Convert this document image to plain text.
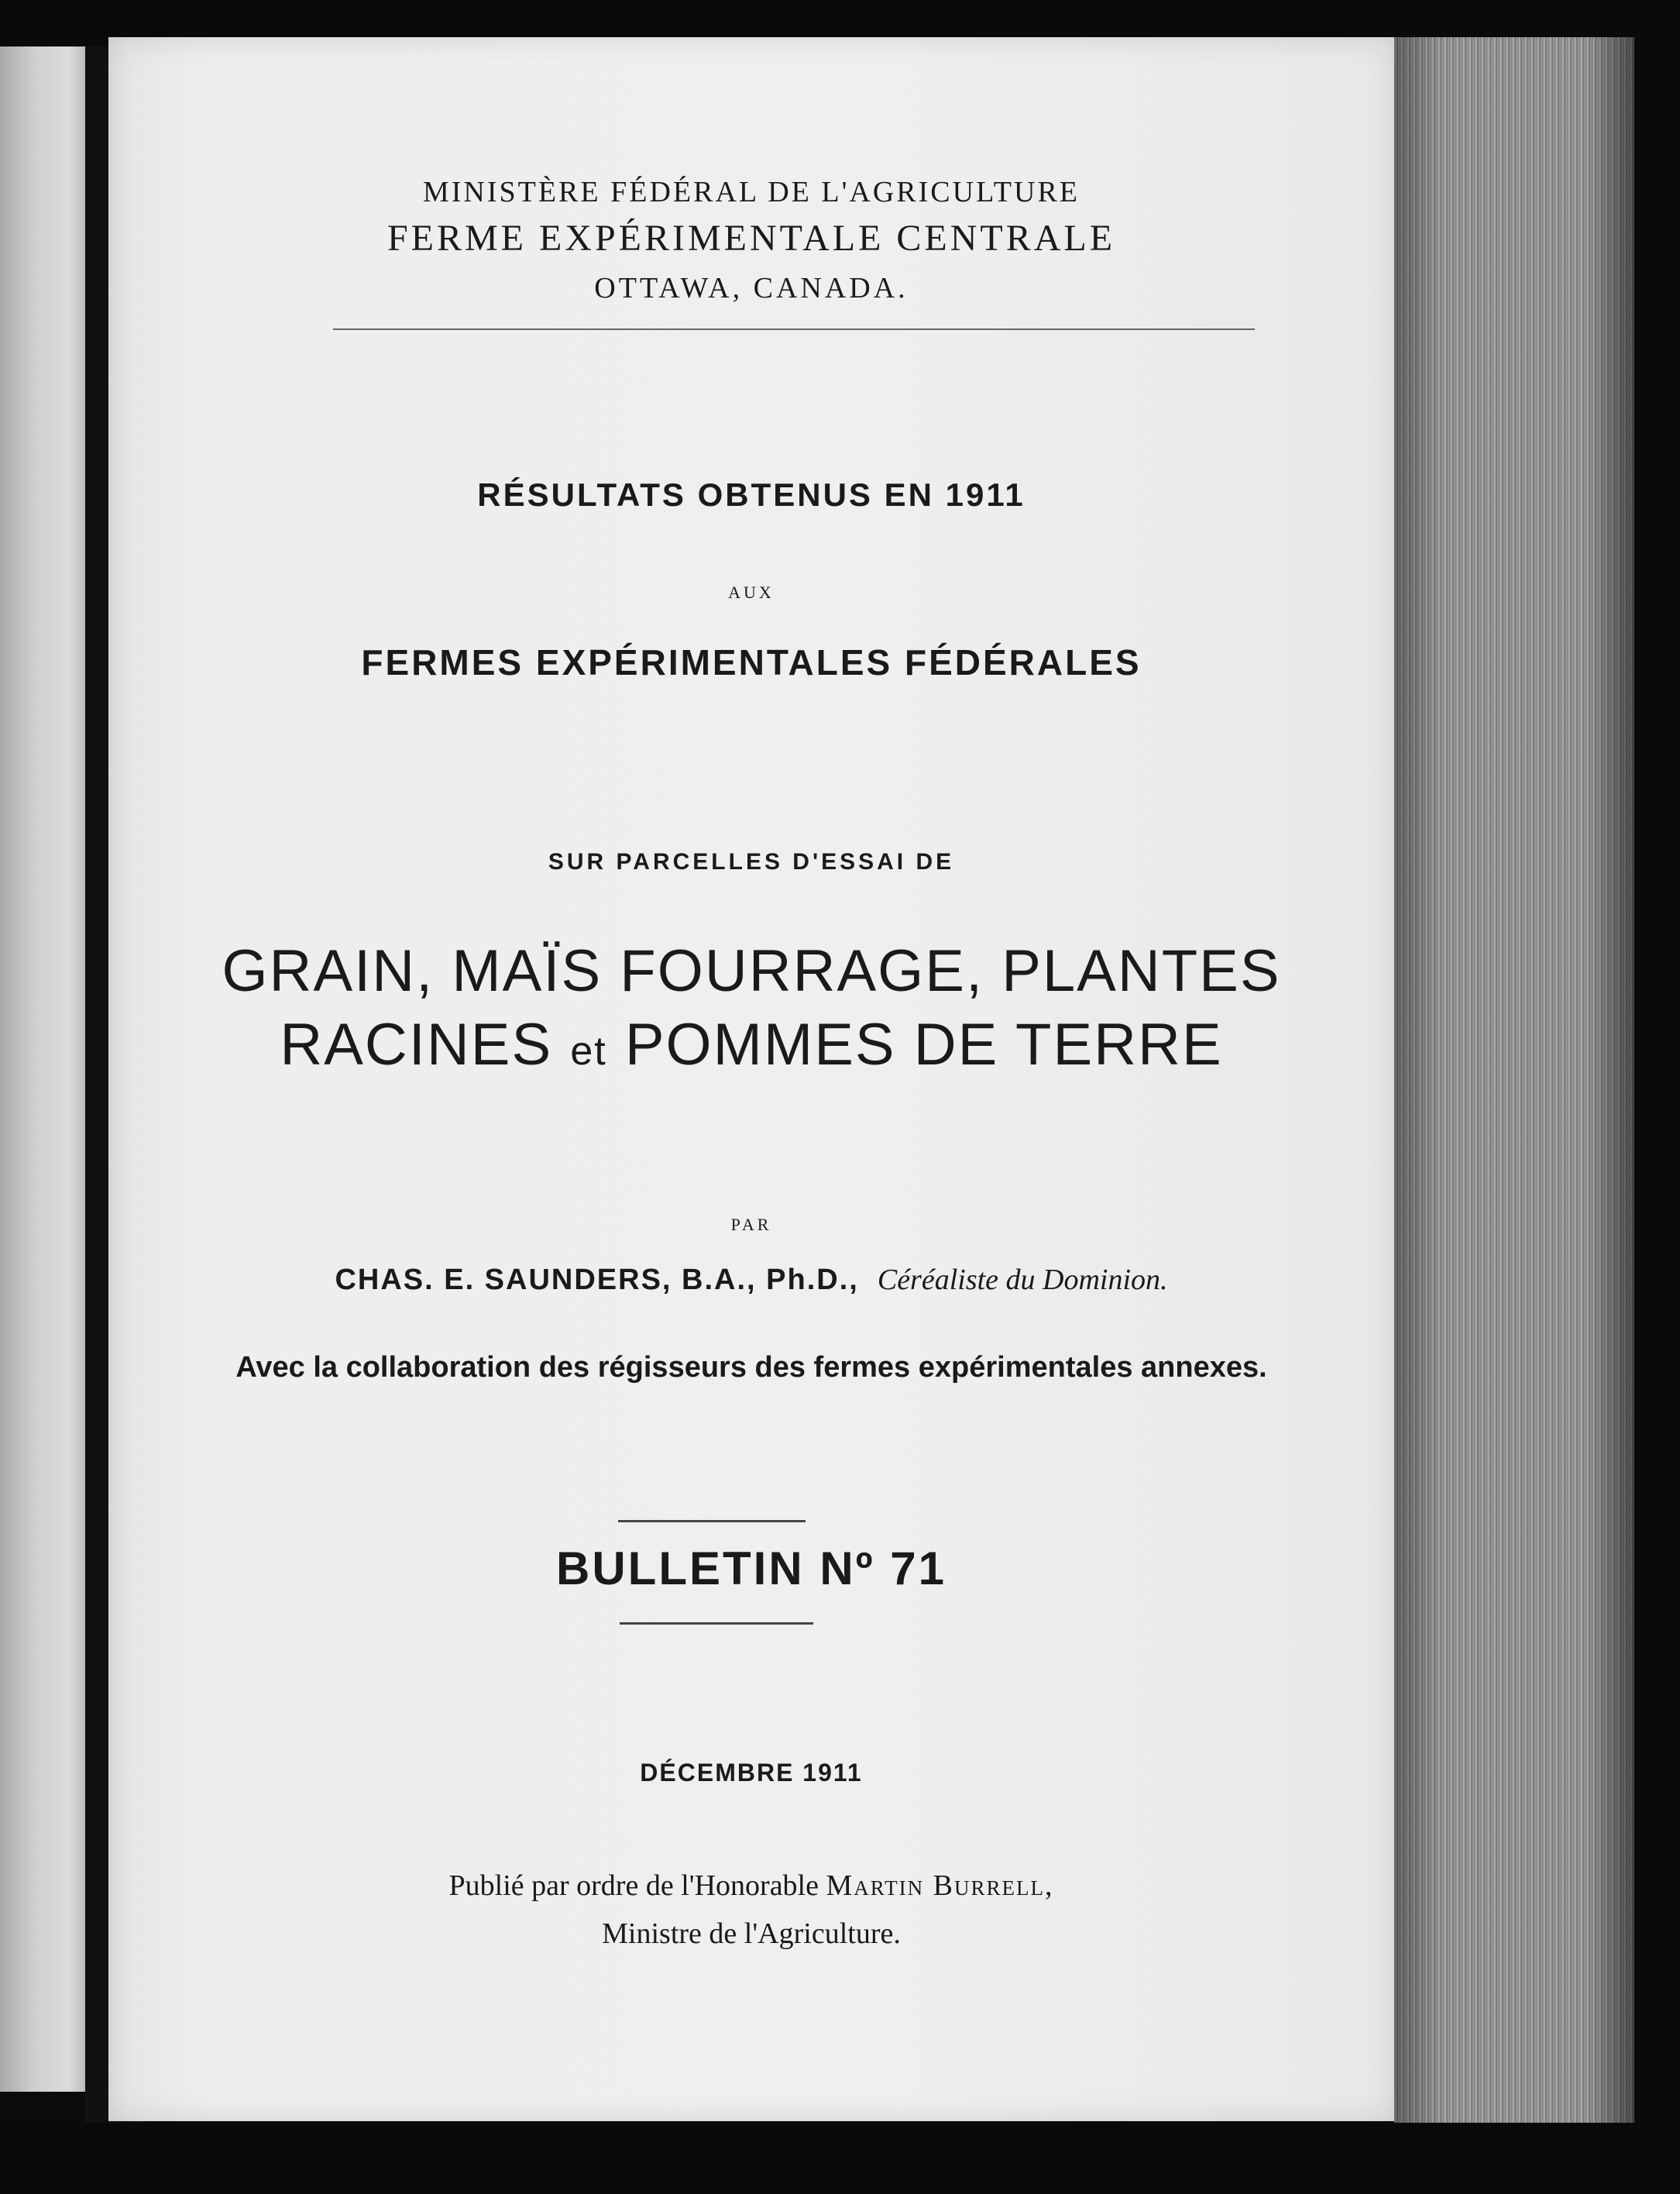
MINISTÈRE FÉDÉRAL DE L'AGRICULTURE

FERME EXPÉRIMENTALE CENTRALE

OTTAWA, CANADA.

RÉSULTATS OBTENUS EN 1911

AUX

FERMES EXPÉRIMENTALES FÉDÉRALES

SUR PARCELLES D'ESSAI DE

GRAIN, MAÏS FOURRAGE, PLANTES

RACINES et POMMES DE TERRE

PAR

CHAS. E. SAUNDERS, B.A., Ph.D., Céréaliste du Dominion.

Avec la collaboration des régisseurs des fermes expérimentales annexes.

BULLETIN Nº 71

DÉCEMBRE 1911

Publié par ordre de l'Honorable Martin Burrell,

Ministre de l'Agriculture.
